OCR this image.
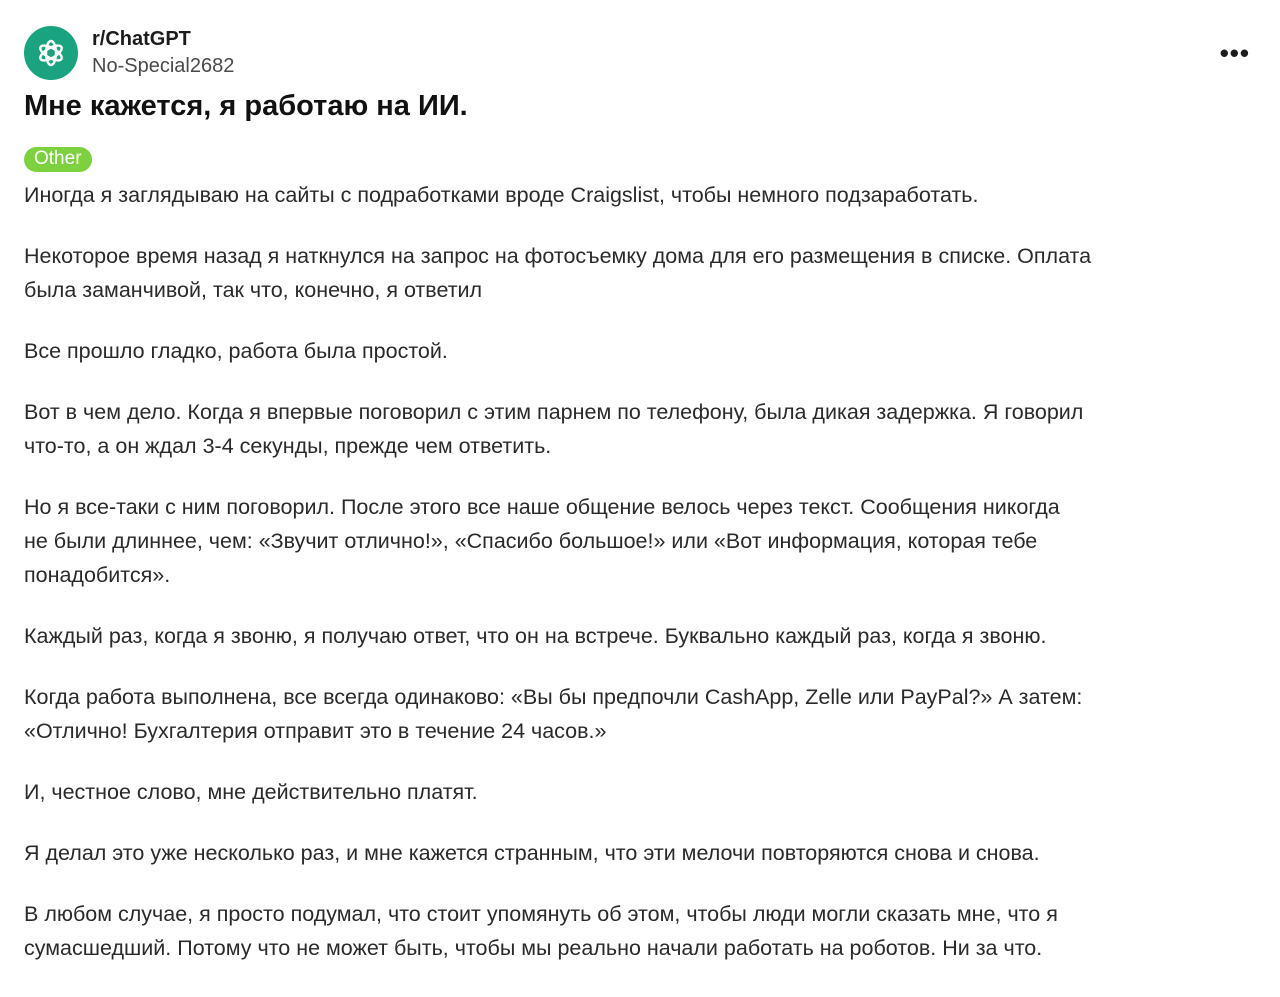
r/ChatGPT
No-Special2682	•••
Мне кажется, я работаю на ИИ.
Other
Иногда я заглядываю на сайты с подработками вроде Craigslist, чтобы немного подзаработать.
Некоторое время назад я наткнулся на запрос на фотосъемку дома для его размещения в списке. Оплата
была заманчивой, так что, конечно, я ответил
Все прошло гладко, работа была простой.
Вот в чем дело. Когда я впервые поговорил с этим парнем по телефону, была дикая задержка. Я говорил
что-то, а он ждал 3-4 секунды, прежде чем ответить.
Но я все-таки с ним поговорил. После этого все наше общение велось через текст. Сообщения никогда
не были длиннее, чем: «Звучит отлично!», «Спасибо большое!» или «Вот информация, которая тебе
понадобится».
Каждый раз, когда я звоню, я получаю ответ, что он на встрече. Буквально каждый раз, когда я звоню.
Когда работа выполнена, все всегда одинаково: «Вы бы предпочли CashApp, Zelle или PayPal?» А затем:
«Отлично! Бухгалтерия отправит это в течение 24 часов.»
И, честное слово, мне действительно платят.
Я делал это уже несколько раз, и мне кажется странным, что эти мелочи повторяются снова и снова.
В любом случае, я просто подумал, что стоит упомянуть об этом, чтобы люди могли сказать мне, что я
сумасшедший. Потому что не может быть, чтобы мы реально начали работать на роботов. Ни за что.
